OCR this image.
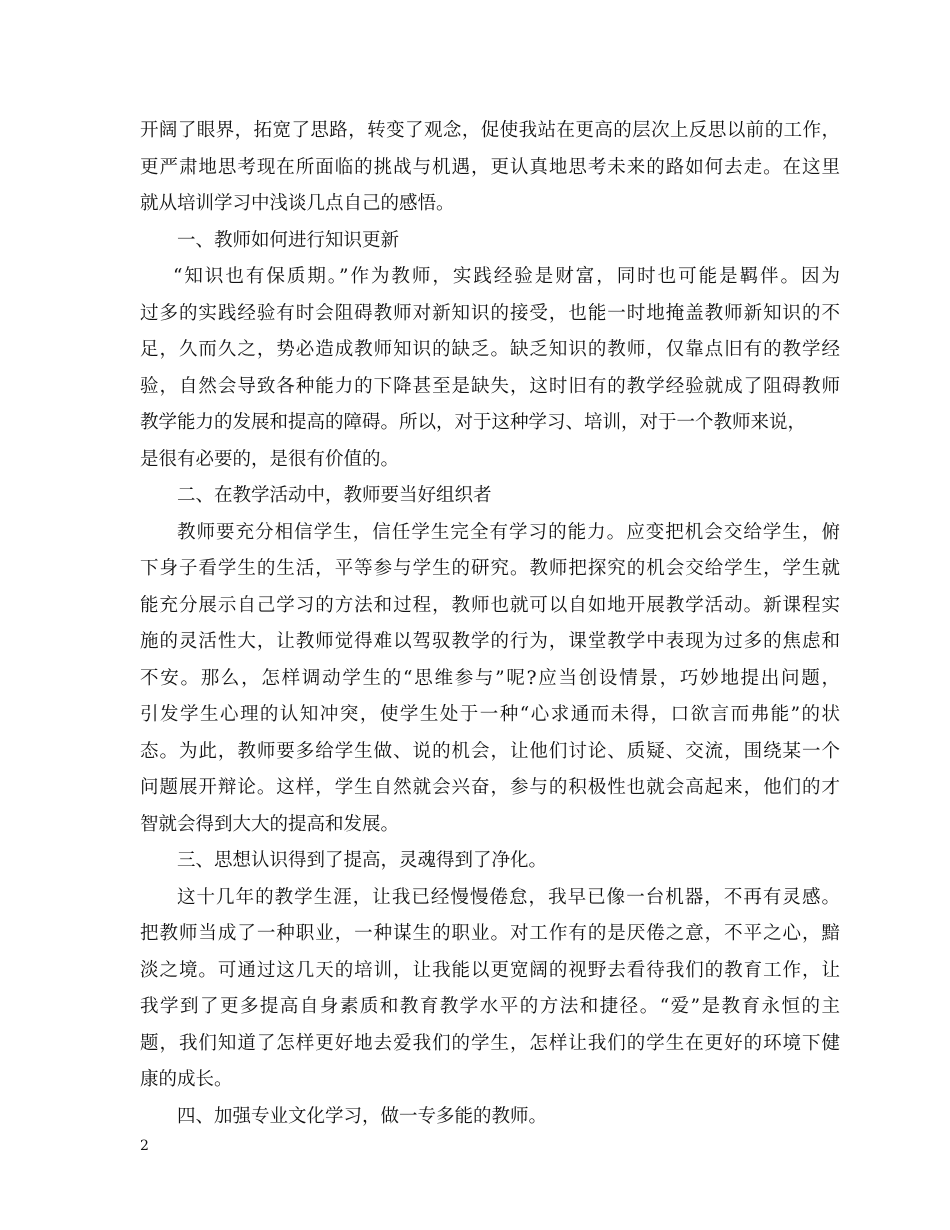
开阔了眼界，拓宽了思路，转变了观念，促使我站在更高的层次上反思以前的工作，
更严肃地思考现在所面临的挑战与机遇，更认真地思考未来的路如何去走。在这里
就从培训学习中浅谈几点自己的感悟。
一、教师如何进行知识更新
“知识也有保质期。”作为教师，实践经验是财富，同时也可能是羁伴。因为
过多的实践经验有时会阻碍教师对新知识的接受，也能一时地掩盖教师新知识的不
足，久而久之，势必造成教师知识的缺乏。缺乏知识的教师，仅靠点旧有的教学经
验，自然会导致各种能力的下降甚至是缺失，这时旧有的教学经验就成了阻碍教师
教学能力的发展和提高的障碍。所以，对于这种学习、培训，对于一个教师来说，
是很有必要的，是很有价值的。
二、在教学活动中，教师要当好组织者
教师要充分相信学生，信任学生完全有学习的能力。应变把机会交给学生，俯
下身子看学生的生活，平等参与学生的研究。教师把探究的机会交给学生，学生就
能充分展示自己学习的方法和过程，教师也就可以自如地开展教学活动。新课程实
施的灵活性大，让教师觉得难以驾驭教学的行为，课堂教学中表现为过多的焦虑和
不安。那么，怎样调动学生的“思维参与”呢?应当创设情景，巧妙地提出问题，
引发学生心理的认知冲突，使学生处于一种“心求通而未得，口欲言而弗能”的状
态。为此，教师要多给学生做、说的机会，让他们讨论、质疑、交流，围绕某一个
问题展开辩论。这样，学生自然就会兴奋，参与的积极性也就会高起来，他们的才
智就会得到大大的提高和发展。
三、思想认识得到了提高，灵魂得到了净化。
这十几年的教学生涯，让我已经慢慢倦怠，我早已像一台机器，不再有灵感。
把教师当成了一种职业，一种谋生的职业。对工作有的是厌倦之意，不平之心，黯
淡之境。可通过这几天的培训，让我能以更宽阔的视野去看待我们的教育工作，让
我学到了更多提高自身素质和教育教学水平的方法和捷径。“爱”是教育永恒的主
题，我们知道了怎样更好地去爱我们的学生，怎样让我们的学生在更好的环境下健
康的成长。
四、加强专业文化学习，做一专多能的教师。
2
